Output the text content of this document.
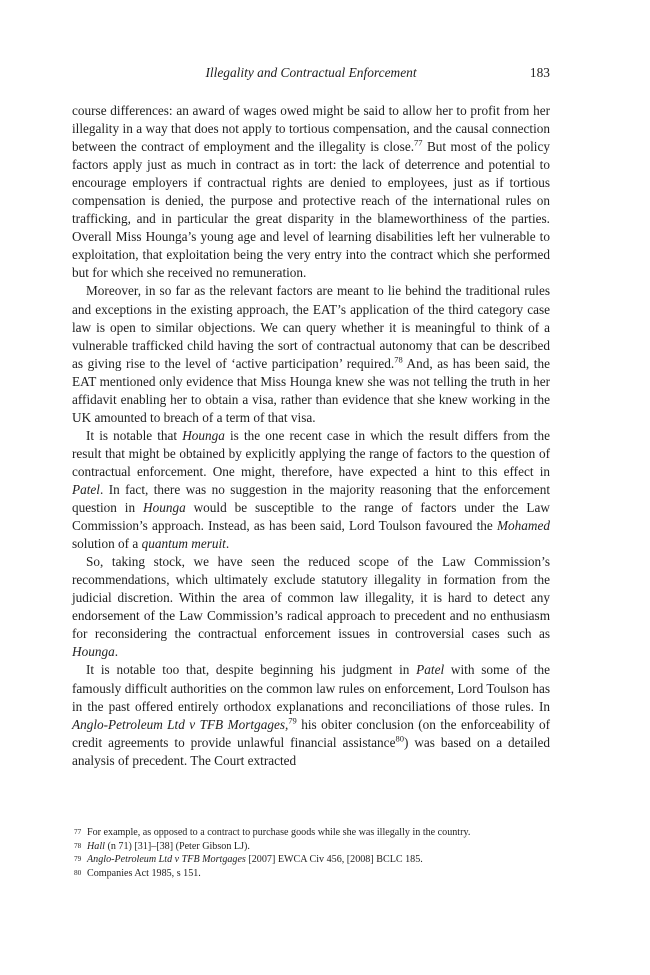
Illegality and Contractual Enforcement	183

course differences: an award of wages owed might be said to allow her to profit from her illegality in a way that does not apply to tortious compensation, and the causal connection between the contract of employment and the illegality is close.$^{77}$ But most of the policy factors apply just as much in contract as in tort: the lack of deterrence and potential to encourage employers if contractual rights are denied to employees, just as if tortious compensation is denied, the purpose and protective reach of the international rules on trafficking, and in particular the great disparity in the blameworthiness of the parties. Overall Miss Hounga’s young age and level of learning disabilities left her vulnerable to exploitation, that exploitation being the very entry into the contract which she performed but for which she received no remuneration.

Moreover, in so far as the relevant factors are meant to lie behind the traditional rules and exceptions in the existing approach, the EAT’s application of the third category case law is open to similar objections. We can query whether it is meaningful to think of a vulnerable trafficked child having the sort of contractual autonomy that can be described as giving rise to the level of ‘active participation’ required.$^{78}$ And, as has been said, the EAT mentioned only evidence that Miss Hounga knew she was not telling the truth in her affidavit enabling her to obtain a visa, rather than evidence that she knew working in the UK amounted to breach of a term of that visa.

It is notable that Hounga is the one recent case in which the result differs from the result that might be obtained by explicitly applying the range of factors to the question of contractual enforcement. One might, therefore, have expected a hint to this effect in Patel. In fact, there was no suggestion in the majority reasoning that the enforcement question in Hounga would be susceptible to the range of factors under the Law Commission’s approach. Instead, as has been said, Lord Toulson favoured the Mohamed solution of a quantum meruit.

So, taking stock, we have seen the reduced scope of the Law Commission’s recommendations, which ultimately exclude statutory illegality in formation from the judicial discretion. Within the area of common law illegality, it is hard to detect any endorsement of the Law Commission’s radical approach to precedent and no enthusiasm for reconsidering the contractual enforcement issues in controversial cases such as Hounga.

It is notable too that, despite beginning his judgment in Patel with some of the famously difficult authorities on the common law rules on enforcement, Lord Toulson has in the past offered entirely orthodox explanations and reconciliations of those rules. In Anglo-Petroleum Ltd v TFB Mortgages,$^{79}$ his obiter conclusion (on the enforceability of credit agreements to provide unlawful financial assistance$^{80}$) was based on a detailed analysis of precedent. The Court extracted

77 For example, as opposed to a contract to purchase goods while she was illegally in the country.
78 Hall (n 71) [31]–[38] (Peter Gibson LJ).
79 Anglo-Petroleum Ltd v TFB Mortgages [2007] EWCA Civ 456, [2008] BCLC 185.
80 Companies Act 1985, s 151.
